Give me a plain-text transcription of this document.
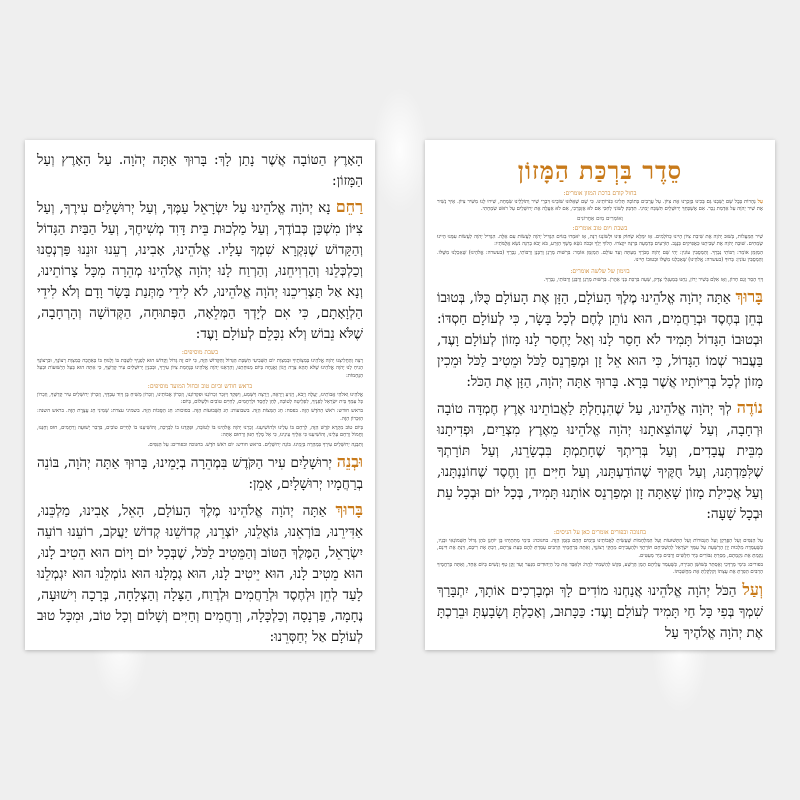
הָאָרֶץ הַטּוֹבָה אֲשֶׁר נָתַן לָךְ: בָּרוּךְ אַתָּה יְהֹוָה. עַל הָאָרֶץ וְעַל הַמָּזוֹן:

רַחֵם נָא יְהֹוָה אֱלֹהֵינוּ עַל יִשְׂרָאֵל עַמֶּךָ, וְעַל יְרוּשָׁלַיִם עִירֶךָ, וְעַל צִיּוֹן מִשְׁכַּן כְּבוֹדֶךָ, וְעַל מַלְכוּת בֵּית דָּוִד מְשִׁיחֶךָ, וְעַל הַבַּיִת הַגָּדוֹל וְהַקָּדוֹשׁ שֶׁנִּקְרָא שִׁמְךָ עָלָיו. אֱלֹהֵינוּ, אָבִינוּ, רְעֵנוּ זוּנֵנוּ פַּרְנְסֵנוּ וְכַלְכְּלֵנוּ וְהַרְוִיחֵנוּ, וְהַרְוַח לָנוּ יְהֹוָה אֱלֹהֵינוּ מְהֵרָה מִכָּל צָרוֹתֵינוּ, וְנָא אַל תַּצְרִיכֵנוּ יְהֹוָה אֱלֹהֵינוּ, לֹא לִידֵי מַתְּנַת בָּשָׂר וָדָם וְלֹא לִידֵי הַלְוָאָתָם, כִּי אִם לְיָדְךָ הַמְּלֵאָה, הַפְּתוּחָה, הַקְּדוֹשָׁה וְהָרְחָבָה, שֶׁלֹּא נֵבוֹשׁ וְלֹא נִכָּלֵם לְעוֹלָם וָעֶד:

בשבת מוסיפים:

רְצֵה וְהַחֲלִיצֵנוּ יְהֹוָה אֱלֹהֵינוּ בְּמִצְוֹתֶיךָ וּבְמִצְוַת יוֹם הַשְּׁבִיעִי הַשַּׁבָּת הַגָּדוֹל וְהַקָּדוֹשׁ הַזֶּה, כִּי יוֹם זֶה גָּדוֹל וְקָדוֹשׁ הוּא לְפָנֶיךָ לִשְׁבָּת בּוֹ וְלָנוּחַ בּוֹ בְּאַהֲבָה כְּמִצְוַת רְצוֹנֶךָ, וּבִרְצוֹנְךָ הָנִיחַ לָנוּ יְהֹוָה אֱלֹהֵינוּ שֶׁלֹּא תְהֵא צָרָה וְיָגוֹן וַאֲנָחָה בְּיוֹם מְנוּחָתֵנוּ, וְהַרְאֵנוּ יְהֹוָה אֱלֹהֵינוּ בְּנֶחָמַת צִיּוֹן עִירֶךָ, וּבְבִנְיַן יְרוּשָׁלַיִם עִיר קָדְשֶׁךָ, כִּי אַתָּה הוּא בַּעַל הַיְשׁוּעוֹת וּבַעַל הַנֶּחָמוֹת:

בראש חודש וביום טוב ובחול המועד מוסיפים:

אֱלֹהֵינוּ וֵאלֹהֵי אֲבוֹתֵינוּ, יַעֲלֶה וְיָבֹא, וְיַגִּיעַ וְיֵרָאֶה, וְיֵרָצֶה וְיִשָּׁמַע, וְיִפָּקֵד וְיִזָּכֵר זִכְרוֹנֵנוּ וּפִקְדוֹנֵנוּ, וְזִכְרוֹן אֲבוֹתֵינוּ, וְזִכְרוֹן מָשִׁיחַ בֶּן דָּוִד עַבְדֶּךָ, וְזִכְרוֹן יְרוּשָׁלַיִם עִיר קָדְשֶׁךָ, וְזִכְרוֹן כָּל עַמְּךָ בֵּית יִשְׂרָאֵל לְפָנֶיךָ, לִפְלֵיטָה לְטוֹבָה, לְחֵן לְחֶסֶד וּלְרַחֲמִים, לְחַיִּים טוֹבִים וּלְשָׁלוֹם, בְּיוֹם:

בראש חודש: רֹאשׁ הַחֹדֶשׁ הַזֶּה. בפסח: חַג הַמַּצּוֹת הַזֶּה. בשבועות: חַג הַשָּׁבוּעוֹת הַזֶּה. בסוכות: חַג הַסֻּכּוֹת הַזֶּה. בשמיני עצרת: שְׁמִינִי חַג עֲצֶרֶת הַזֶּה. בראש השנה: הַזִּכָּרוֹן הַזֶּה.

בְּיוֹם טוֹב מִקְרָא קֹדֶשׁ הַזֶּה, לְרַחֵם בּוֹ עָלֵינוּ וּלְהוֹשִׁיעֵנוּ. זָכְרֵנוּ יְהֹוָה אֱלֹהֵינוּ בּוֹ לְטוֹבָה, וּפָקְדֵנוּ בוֹ לִבְרָכָה, וְהוֹשִׁיעֵנוּ בוֹ לְחַיִּים טוֹבִים, בִּדְבַר יְשׁוּעָה וְרַחֲמִים, חוּס וְחָנֵּנוּ, וַחֲמוֹל וְרַחֵם עָלֵינוּ, וְהוֹשִׁיעֵנוּ כִּי אֵלֶיךָ עֵינֵינוּ, כִּי אֵל מֶלֶךְ חַנּוּן וְרַחוּם אָתָּה:

וְתִבְנֶה יְרוּשָׁלַיִם עִירְךָ בִּמְהֵרָה בְּיָמֵינוּ. בּוֹנֵה יְרוּשָׁלַיִם. בראש חודש: יוֹם רֹאשׁ חֹדֶשׁ. בחנוכה ובפורים: עַל הַנִּסִּים.

וּבְנֵה יְרוּשָׁלַיִם עִיר הַקֹּדֶשׁ בִּמְהֵרָה בְיָמֵינוּ, בָּרוּךְ אַתָּה יְהֹוָה, בּוֹנֵה בְרַחֲמָיו יְרוּשָׁלָיִם, אָמֵן:

בָּרוּךְ אַתָּה יְהֹוָה אֱלֹהֵינוּ מֶלֶךְ הָעוֹלָם, הָאֵל, אָבִינוּ, מַלְכֵּנוּ, אַדִּירֵנוּ, בּוֹרְאֵנוּ, גּוֹאֲלֵנוּ, יוֹצְרֵנוּ, קְדוֹשֵׁנוּ קְדוֹשׁ יַעֲקֹב, רוֹעֵנוּ רוֹעֵה יִשְׂרָאֵל, הַמֶּלֶךְ הַטּוֹב וְהַמֵּטִיב לַכֹּל, שֶׁבְּכָל יוֹם וָיוֹם הוּא הֵטִיב לָנוּ, הוּא מֵטִיב לָנוּ, הוּא יֵיטִיב לָנוּ, הוּא גְמָלָנוּ הוּא גוֹמְלֵנוּ הוּא יִגְמְלֵנוּ לָעַד לְחֵן וּלְחֶסֶד וּלְרַחֲמִים וּלְרֶוַח, הַצָּלָה וְהַצְלָחָה, בְּרָכָה וִישׁוּעָה, נֶחָמָה, פַּרְנָסָה וְכַלְכָּלָה, וְרַחֲמִים וְחַיִּים וְשָׁלוֹם וְכָל טוֹב, וּמִכָּל טוּב לְעוֹלָם אַל יְחַסְּרֵנוּ:

סֵדֶר בִּרְכַּת הַמָּזוֹן
בחול קודם ברכת המזון אומרים:

עַל נְהָרוֹת בָּבֶל שָׁם יָשַׁבְנוּ גַּם בָּכִינוּ בְּזָכְרֵנוּ אֶת צִיּוֹן. עַל עֲרָבִים בְּתוֹכָהּ תָּלִינוּ כִּנֹּרוֹתֵינוּ. כִּי שָׁם שְׁאֵלוּנוּ שׁוֹבֵינוּ דִּבְרֵי שִׁיר וְתוֹלָלֵינוּ שִׂמְחָה, שִׁירוּ לָנוּ מִשִּׁיר צִיּוֹן. אֵיךְ נָשִׁיר אֶת שִׁיר יְהֹוָה עַל אַדְמַת נֵכָר. אִם אֶשְׁכָּחֵךְ יְרוּשָׁלָיִם תִּשְׁכַּח יְמִינִי. תִּדְבַּק לְשׁוֹנִי לְחִכִּי אִם לֹא אֶזְכְּרֵכִי, אִם לֹא אַעֲלֶה אֶת יְרוּשָׁלַיִם עַל רֹאשׁ שִׂמְחָתִי.

וְאוֹמְרִים מַיִם אַחֲרוֹנִים
בשבת ויום טוב אומרים:

שִׁיר הַמַּעֲלוֹת, בְּשׁוּב יְהֹוָה אֶת שִׁיבַת צִיּוֹן הָיִינוּ כְּחֹלְמִים. אָז יִמָּלֵא שְׂחוֹק פִּינוּ וּלְשׁוֹנֵנוּ רִנָּה, אָז יֹאמְרוּ בַגּוֹיִם הִגְדִּיל יְהֹוָה לַעֲשׂוֹת עִם אֵלֶּה. הִגְדִּיל יְהֹוָה לַעֲשׂוֹת עִמָּנוּ הָיִינוּ שְׂמֵחִים. שׁוּבָה יְהֹוָה אֶת שְׁבִיתֵנוּ כַּאֲפִיקִים בַּנֶּגֶב. הַזֹּרְעִים בְּדִמְעָה בְּרִנָּה יִקְצֹרוּ. הָלוֹךְ יֵלֵךְ וּבָכֹה נֹשֵׂא מֶשֶׁךְ הַזָּרַע, בֹּא יָבֹא בְרִנָּה נֹשֵׂא אֲלֻמֹּתָיו:

הַמְזַמֵּן אוֹמֵר: רַבּוֹתַי נְבָרֵךְ. וְהַמְסֻבִּין עוֹנִין: יְהִי שֵׁם יְהֹוָה מְבֹרָךְ מֵעַתָּה וְעַד עוֹלָם. הַמְזַמֵּן אוֹמֵר: בִּרְשׁוּת מָרָנָן וְרַבָּנָן וְרַבּוֹתַי, נְבָרֵךְ (בעשרה: אֱלֹהֵינוּ) שֶׁאָכַלְנוּ מִשֶּׁלּוֹ. וְהַמְסֻבִּין עוֹנִין: בָּרוּךְ (בעשרה: אֱלֹהֵינוּ) שֶׁאָכַלְנוּ מִשֶּׁלּוֹ וּבְטוּבוֹ חָיִינוּ.

בזימון של שלשה אומרים:

דְּוַי הָסֵר וְגַם חָרוֹן, וְאָז אִלֵּם בְּשִׁיר יָרוֹן, נְחֵנוּ בְּמַעְגְּלֵי צֶדֶק, שְׁעֵה בִּרְכַּת בְּנֵי אַהֲרֹן. בִּרְשׁוּת מָרָנָן וְרַבָּנָן וְרַבּוֹתַי, נְבָרֵךְ.

בָּרוּךְ אַתָּה יְהֹוָה אֱלֹהֵינוּ מֶלֶךְ הָעוֹלָם, הַזָּן אֶת הָעוֹלָם כֻּלּוֹ, בְּטוּבוֹ בְּחֵן בְּחֶסֶד וּבְרַחֲמִים, הוּא נוֹתֵן לֶחֶם לְכָל בָּשָׂר, כִּי לְעוֹלָם חַסְדּוֹ: וּבְטוּבוֹ הַגָּדוֹל תָּמִיד לֹא חָסַר לָנוּ וְאַל יֶחְסַר לָנוּ מָזוֹן לְעוֹלָם וָעֶד, בַּעֲבוּר שְׁמוֹ הַגָּדוֹל, כִּי הוּא אֵל זָן וּמְפַרְנֵס לַכֹּל וּמֵטִיב לַכֹּל וּמֵכִין מָזוֹן לְכָל בְּרִיּוֹתָיו אֲשֶׁר בָּרָא. בָּרוּךְ אַתָּה יְהֹוָה, הַזָּן אֶת הַכֹּל:

נוֹדֶה לְךָ יְהֹוָה אֱלֹהֵינוּ, עַל שֶׁהִנְחַלְתָּ לַאֲבוֹתֵינוּ אֶרֶץ חֶמְדָּה טוֹבָה וּרְחָבָה, וְעַל שֶׁהוֹצֵאתָנוּ יְהֹוָה אֱלֹהֵינוּ מֵאֶרֶץ מִצְרַיִם, וּפְדִיתָנוּ מִבֵּית עֲבָדִים, וְעַל בְּרִיתְךָ שֶׁחָתַמְתָּ בִּבְשָׂרֵנוּ, וְעַל תּוֹרָתְךָ שֶׁלִּמַּדְתָּנוּ, וְעַל חֻקֶּיךָ שֶׁהוֹדַעְתָּנוּ, וְעַל חַיִּים חֵן וָחֶסֶד שֶׁחוֹנַנְתָּנוּ, וְעַל אֲכִילַת מָזוֹן שָׁאַתָּה זָן וּמְפַרְנֵס אוֹתָנוּ תָּמִיד, בְּכָל יוֹם וּבְכָל עֵת וּבְכָל שָׁעָה:

בחנוכה ובפורים אומרים כאן על הניסים:

עַל הַנִּסִּים וְעַל הַפֻּרְקָן וְעַל הַגְּבוּרוֹת וְעַל הַתְּשׁוּעוֹת וְעַל הַמִּלְחָמוֹת שֶׁעָשִׂיתָ לַאֲבוֹתֵינוּ בַּיָּמִים הָהֵם בַּזְּמַן הַזֶּה. בחנוכה: בִּימֵי מַתִּתְיָהוּ בֶּן יוֹחָנָן כֹּהֵן גָּדוֹל חַשְׁמוֹנָאִי וּבָנָיו, כְּשֶׁעָמְדָה מַלְכוּת יָוָן הָרְשָׁעָה עַל עַמְּךָ יִשְׂרָאֵל לְהַשְׁכִּיחָם תּוֹרָתֶךָ וּלְהַעֲבִירָם מֵחֻקֵּי רְצוֹנֶךָ, וְאַתָּה בְּרַחֲמֶיךָ הָרַבִּים עָמַדְתָּ לָהֶם בְּעֵת צָרָתָם, רַבְתָּ אֶת רִיבָם, דַּנְתָּ אֶת דִּינָם, נָקַמְתָּ אֶת נִקְמָתָם, מָסַרְתָּ גִּבּוֹרִים בְּיַד חַלָּשִׁים וְרַבִּים בְּיַד מְעַטִּים.

בפורים: בִּימֵי מָרְדְּכַי וְאֶסְתֵּר בְּשׁוּשַׁן הַבִּירָה, כְּשֶׁעָמַד עֲלֵיהֶם הָמָן הָרָשָׁע, בִּקֵּשׁ לְהַשְׁמִיד לַהֲרֹג וּלְאַבֵּד אֶת כָּל הַיְּהוּדִים מִנַּעַר וְעַד זָקֵן טַף וְנָשִׁים בְּיוֹם אֶחָד, וְאַתָּה בְּרַחֲמֶיךָ הָרַבִּים הֵפַרְתָּ אֶת עֲצָתוֹ וְקִלְקַלְתָּ אֶת מַחֲשַׁבְתּוֹ.

וְעַל הַכֹּל יְהֹוָה אֱלֹהֵינוּ אֲנַחְנוּ מוֹדִים לָךְ וּמְבָרְכִים אוֹתָךְ, יִתְבָּרַךְ שִׁמְךָ בְּפִי כָּל חַי תָּמִיד לְעוֹלָם וָעֶד: כַּכָּתוּב, וְאָכַלְתָּ וְשָׂבָעְתָּ וּבֵרַכְתָּ אֶת יְהֹוָה אֱלֹהֶיךָ עַל
